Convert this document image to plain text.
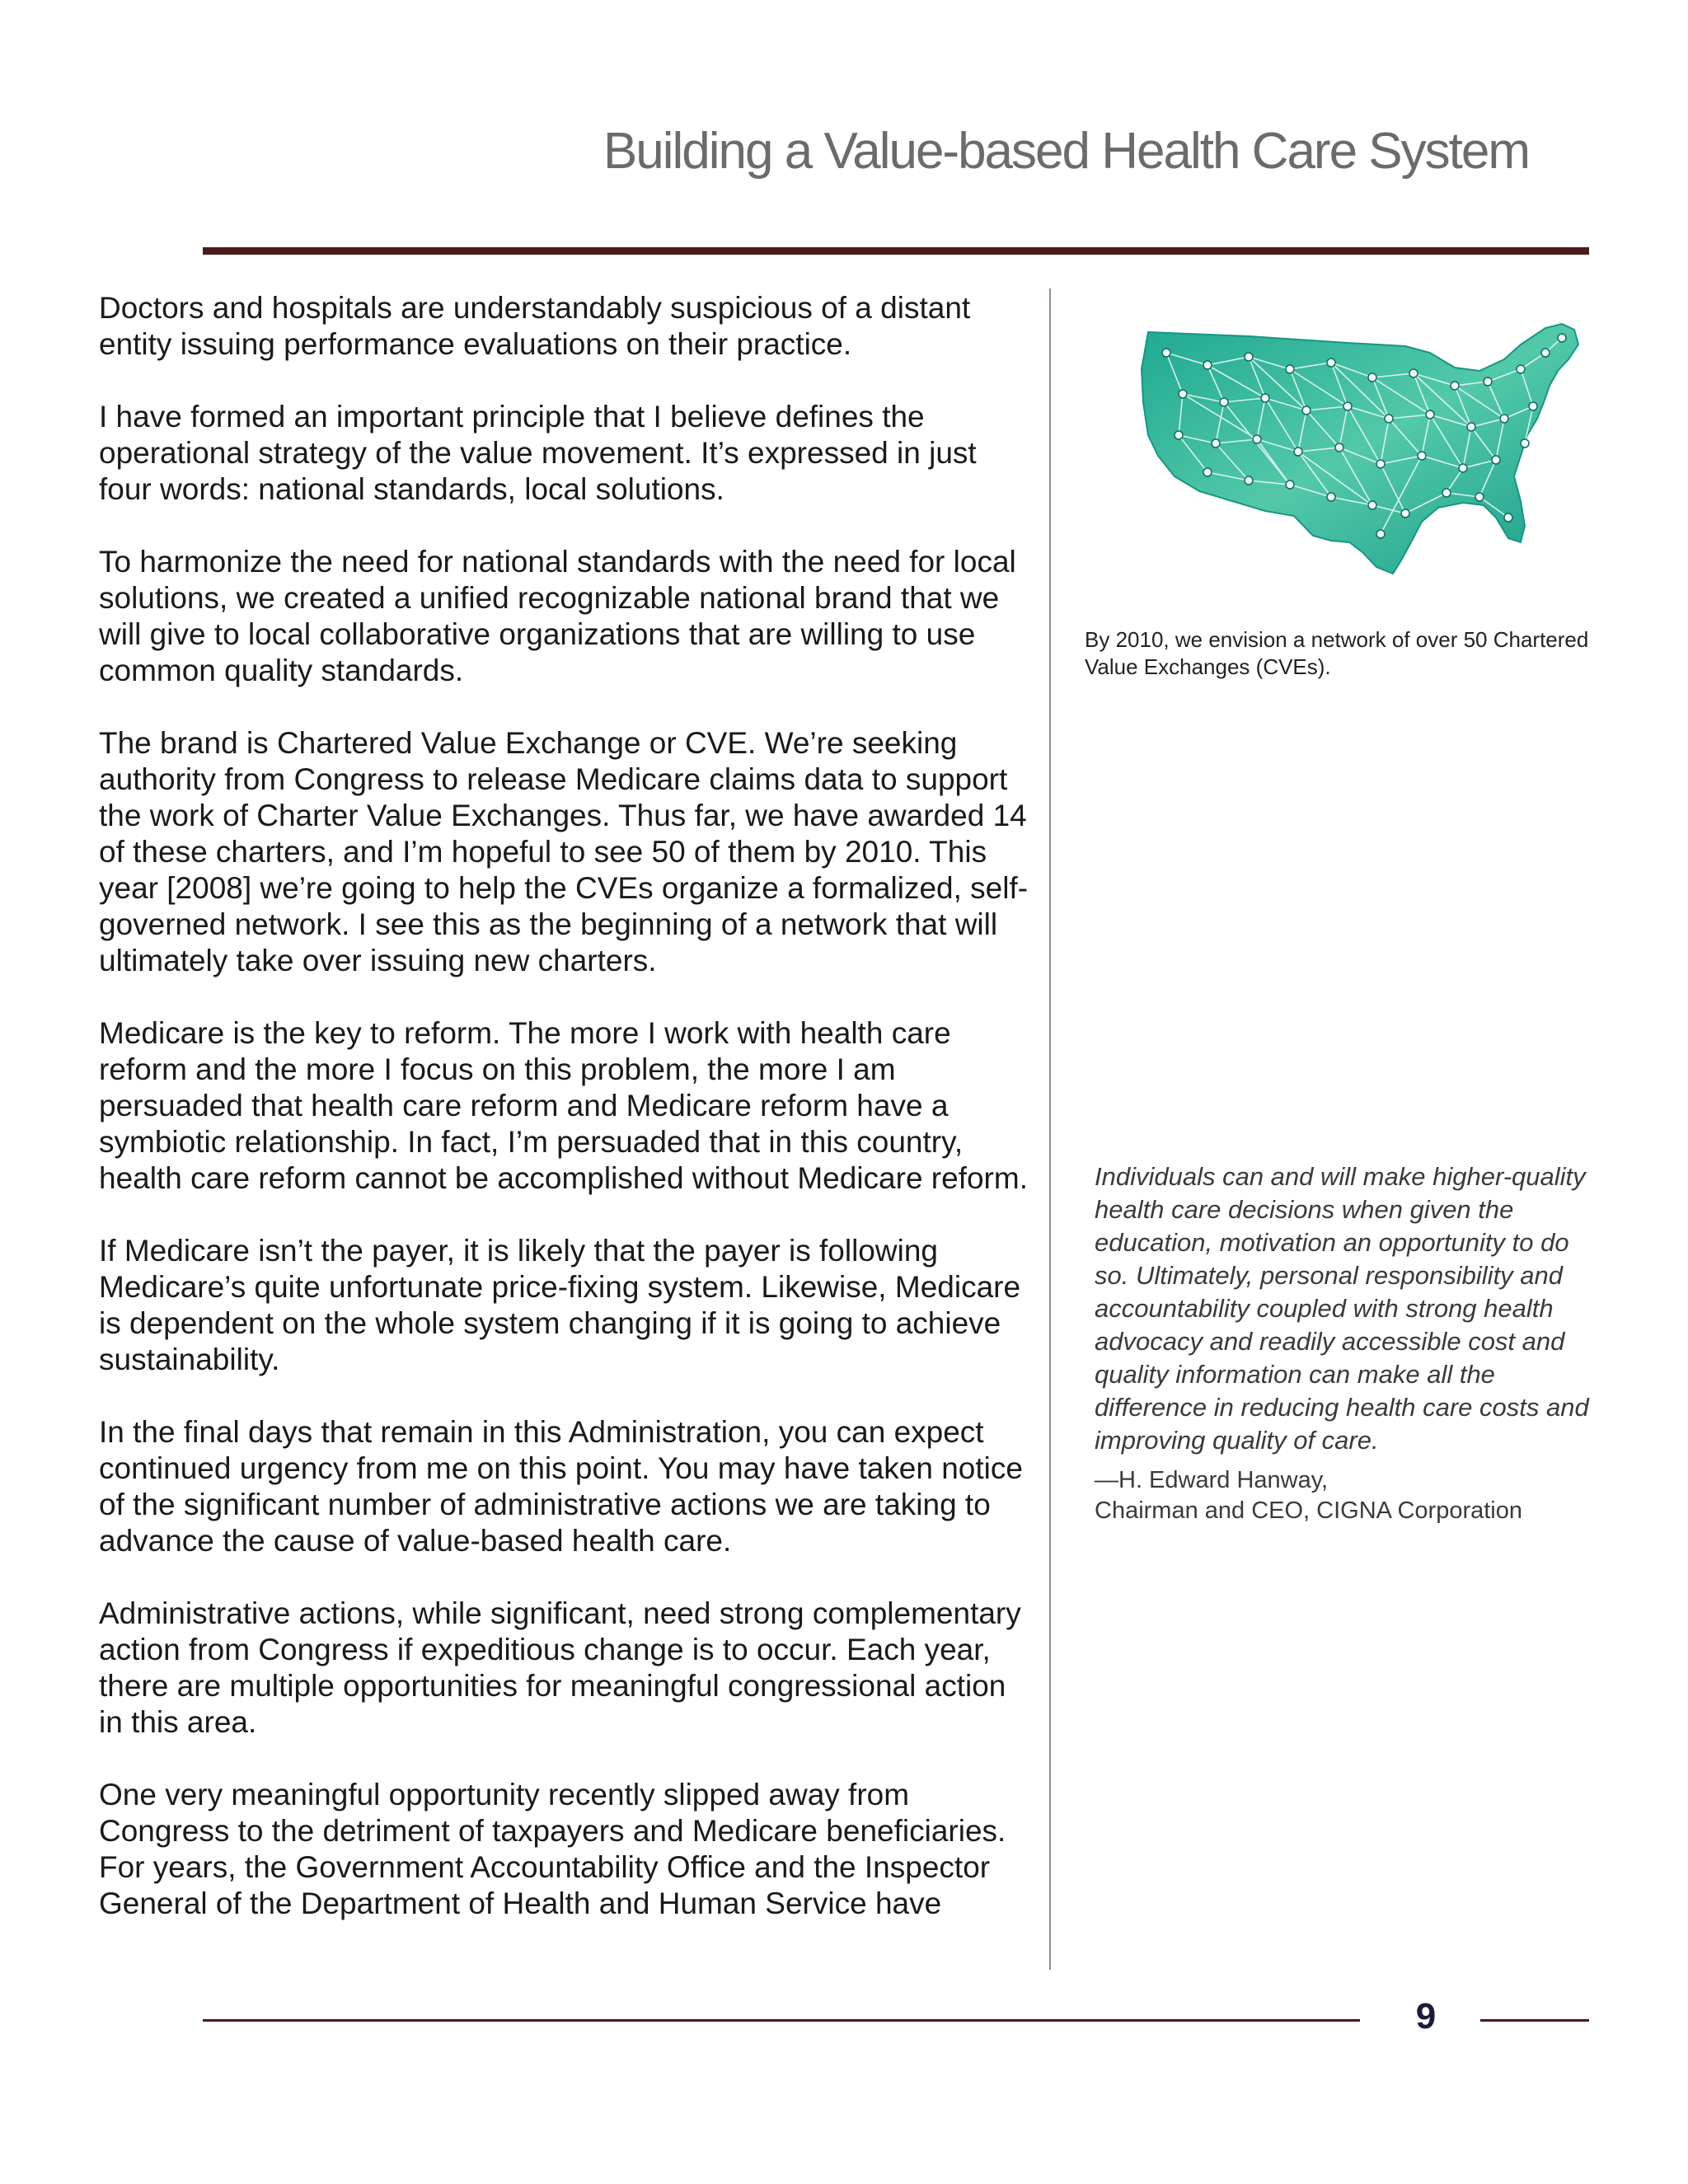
Building a Value-based Health Care System

Doctors and hospitals are understandably suspicious of a distant entity issuing performance evaluations on their practice.

I have formed an important principle that I believe defines the operational strategy of the value movement. It’s expressed in just four words: national standards, local solutions.

To harmonize the need for national standards with the need for local solutions, we created a unified recognizable national brand that we will give to local collaborative organizations that are willing to use common quality standards.

The brand is Chartered Value Exchange or CVE. We’re seeking authority from Congress to release Medicare claims data to support the work of Charter Value Exchanges. Thus far, we have awarded 14 of these charters, and I’m hopeful to see 50 of them by 2010. This year [2008] we’re going to help the CVEs organize a formalized, self-governed network. I see this as the beginning of a network that will ultimately take over issuing new charters.

Medicare is the key to reform. The more I work with health care reform and the more I focus on this problem, the more I am persuaded that health care reform and Medicare reform have a symbiotic relationship. In fact, I’m persuaded that in this country, health care reform cannot be accomplished without Medicare reform.

If Medicare isn’t the payer, it is likely that the payer is following Medicare’s quite unfortunate price-fixing system. Likewise, Medicare is dependent on the whole system changing if it is going to achieve sustainability.

In the final days that remain in this Administration, you can expect continued urgency from me on this point. You may have taken notice of the significant number of administrative actions we are taking to advance the cause of value-based health care.

Administrative actions, while significant, need strong complementary action from Congress if expeditious change is to occur. Each year, there are multiple opportunities for meaningful congressional action in this area.

One very meaningful opportunity recently slipped away from Congress to the detriment of taxpayers and Medicare beneficiaries. For years, the Government Accountability Office and the Inspector General of the Department of Health and Human Service have

By 2010, we envision a network of over 50 Chartered Value Exchanges (CVEs).

Individuals can and will make higher-quality health care decisions when given the education, motivation an opportunity to do so. Ultimately, personal responsibility and accountability coupled with strong health advocacy and readily accessible cost and quality information can make all the difference in reducing health care costs and improving quality of care.

—H. Edward Hanway,
Chairman and CEO, CIGNA Corporation

9
